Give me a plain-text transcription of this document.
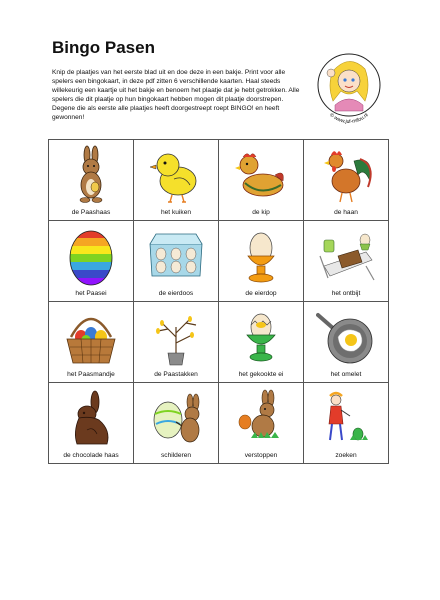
Bingo Pasen

Knip de plaatjes van het eerste blad uit en doe deze in een bakje. Print voor alle spelers een bingokaart, in deze pdf zitten 6 verschillende kaarten. Haal steeds willekeurig een kaartje uit het bakje en benoem het plaatje dat je hebt getrokken. Alle spelers die dit plaatje op hun bingokaart hebben mogen dit plaatje doorstrepen. Degene die als eerste alle plaatjes heeft doorgestreept roept BINGO! en heeft gewonnen!	© www.juf-milou.nl
de Paashaas	het kuiken	de kip	de haan

het Paasei	de eierdoos	de eierdop	het ontbijt

het Paasmandje	de Paastakken	het gekookte ei	het omelet

de chocolade haas	schilderen	verstoppen	zoeken
